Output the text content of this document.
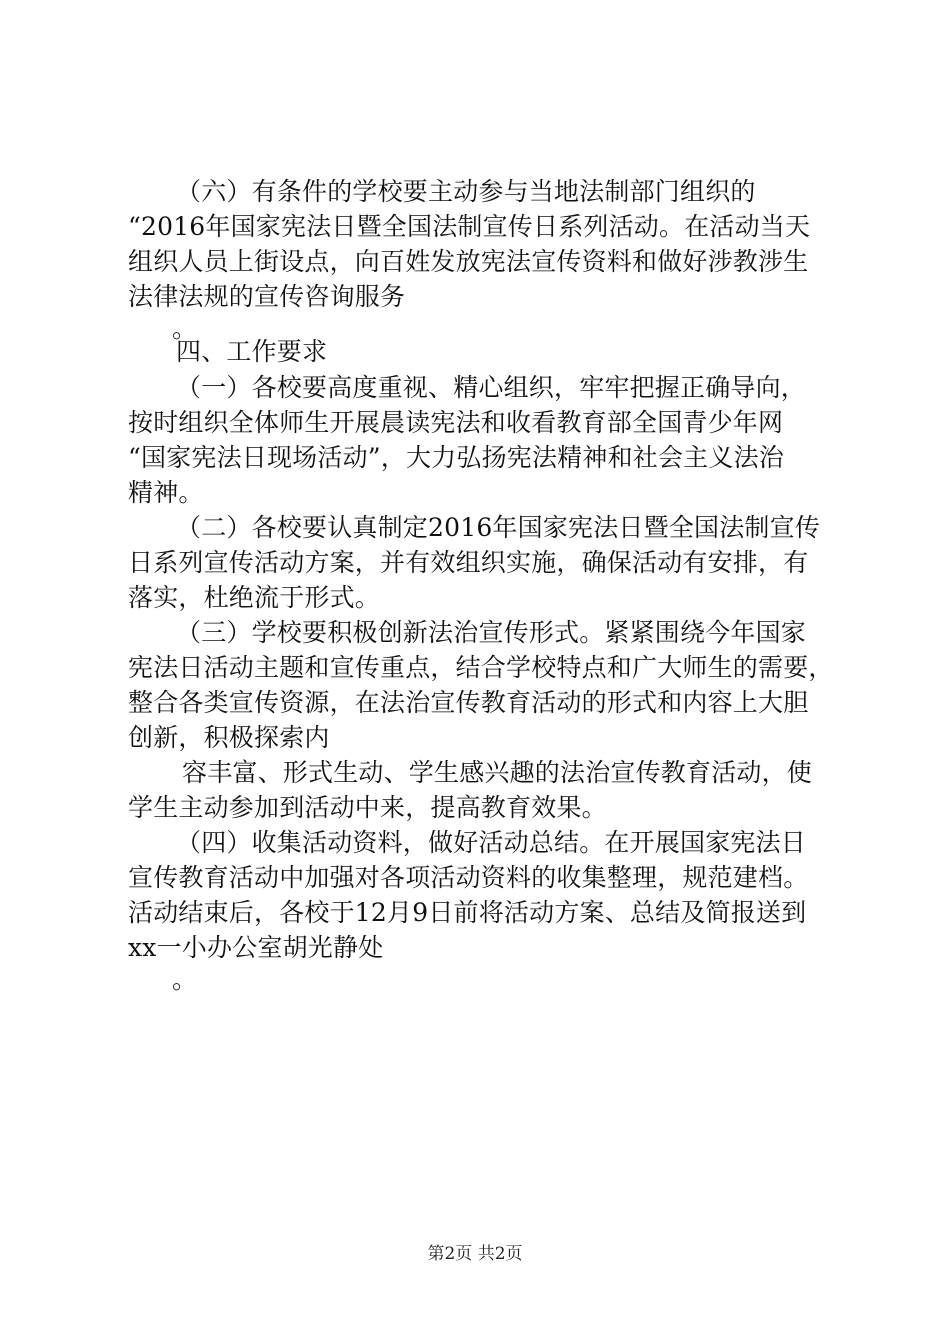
（六）有条件的学校要主动参与当地法制部门组织的
“2016年国家宪法日暨全国法制宣传日系列活动。在活动当天
组织人员上街设点，向百姓发放宪法宣传资料和做好涉教涉生
法律法规的宣传咨询服务
。
四、工作要求
（一）各校要高度重视、精心组织，牢牢把握正确导向，
按时组织全体师生开展晨读宪法和收看教育部全国青少年网
“国家宪法日现场活动”，大力弘扬宪法精神和社会主义法治
精神。
（二）各校要认真制定2016年国家宪法日暨全国法制宣传
日系列宣传活动方案，并有效组织实施，确保活动有安排，有
落实，杜绝流于形式。
（三）学校要积极创新法治宣传形式。紧紧围绕今年国家
宪法日活动主题和宣传重点，结合学校特点和广大师生的需要，
整合各类宣传资源，在法治宣传教育活动的形式和内容上大胆
创新，积极探索内
容丰富、形式生动、学生感兴趣的法治宣传教育活动，使
学生主动参加到活动中来，提高教育效果。
（四）收集活动资料，做好活动总结。在开展国家宪法日
宣传教育活动中加强对各项活动资料的收集整理，规范建档。
活动结束后，各校于12月9日前将活动方案、总结及简报送到
xx一小办公室胡光静处
。
第2页 共2页
